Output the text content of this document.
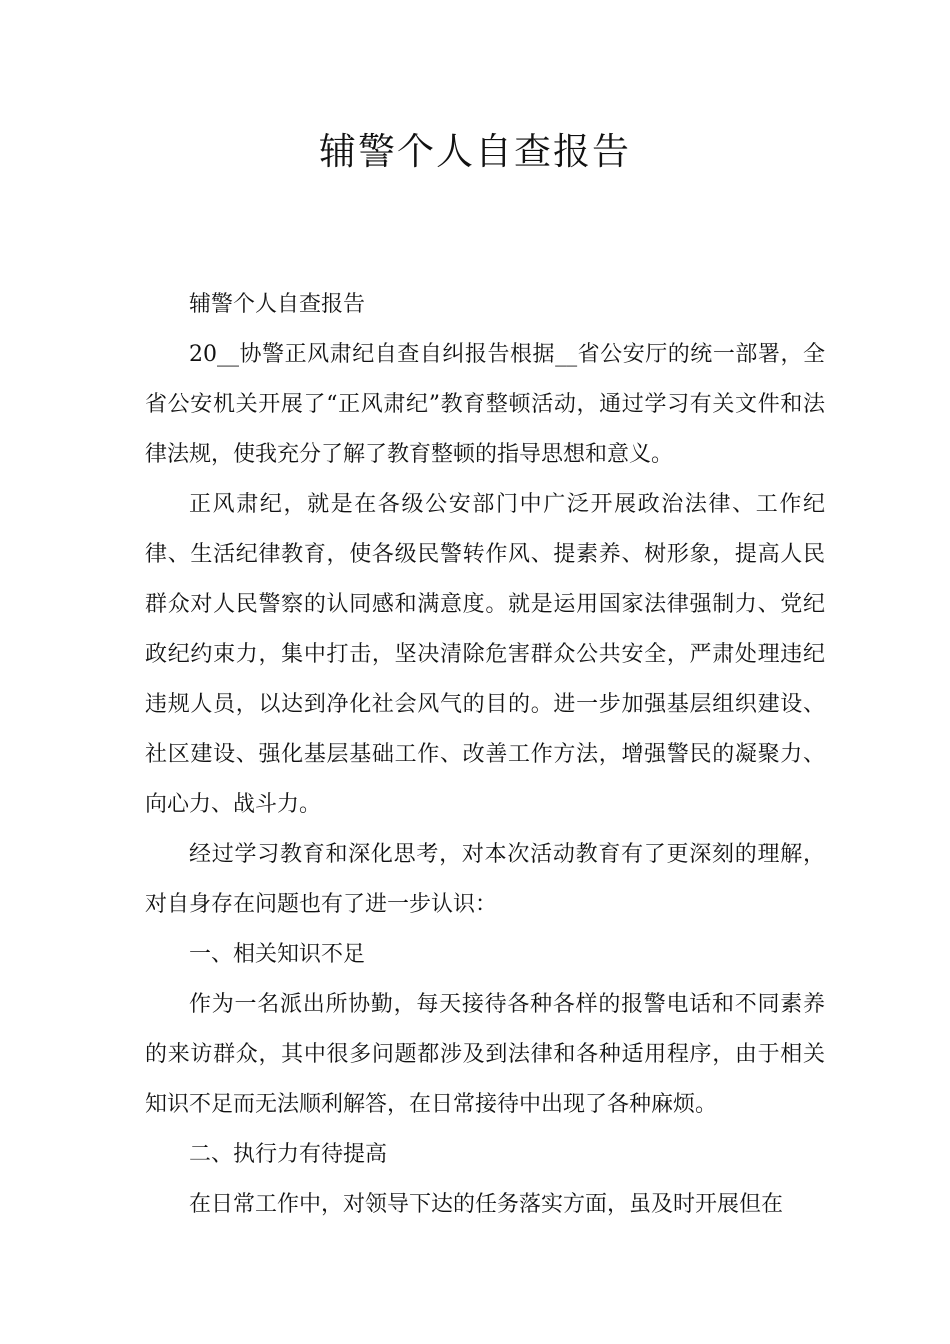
辅警个人自查报告

辅警个人自查报告

20__协警正风肃纪自查自纠报告根据__省公安厅的统一部署，全省公安机关开展了“正风肃纪”教育整顿活动，通过学习有关文件和法律法规，使我充分了解了教育整顿的指导思想和意义。

正风肃纪，就是在各级公安部门中广泛开展政治法律、工作纪律、生活纪律教育，使各级民警转作风、提素养、树形象，提高人民群众对人民警察的认同感和满意度。就是运用国家法律强制力、党纪政纪约束力，集中打击，坚决清除危害群众公共安全，严肃处理违纪违规人员，以达到净化社会风气的目的。进一步加强基层组织建设、社区建设、强化基层基础工作、改善工作方法，增强警民的凝聚力、向心力、战斗力。

经过学习教育和深化思考，对本次活动教育有了更深刻的理解，对自身存在问题也有了进一步认识：

一、相关知识不足

作为一名派出所协勤，每天接待各种各样的报警电话和不同素养的来访群众，其中很多问题都涉及到法律和各种适用程序，由于相关知识不足而无法顺利解答，在日常接待中出现了各种麻烦。

二、执行力有待提高

在日常工作中，对领导下达的任务落实方面，虽及时开展但在
